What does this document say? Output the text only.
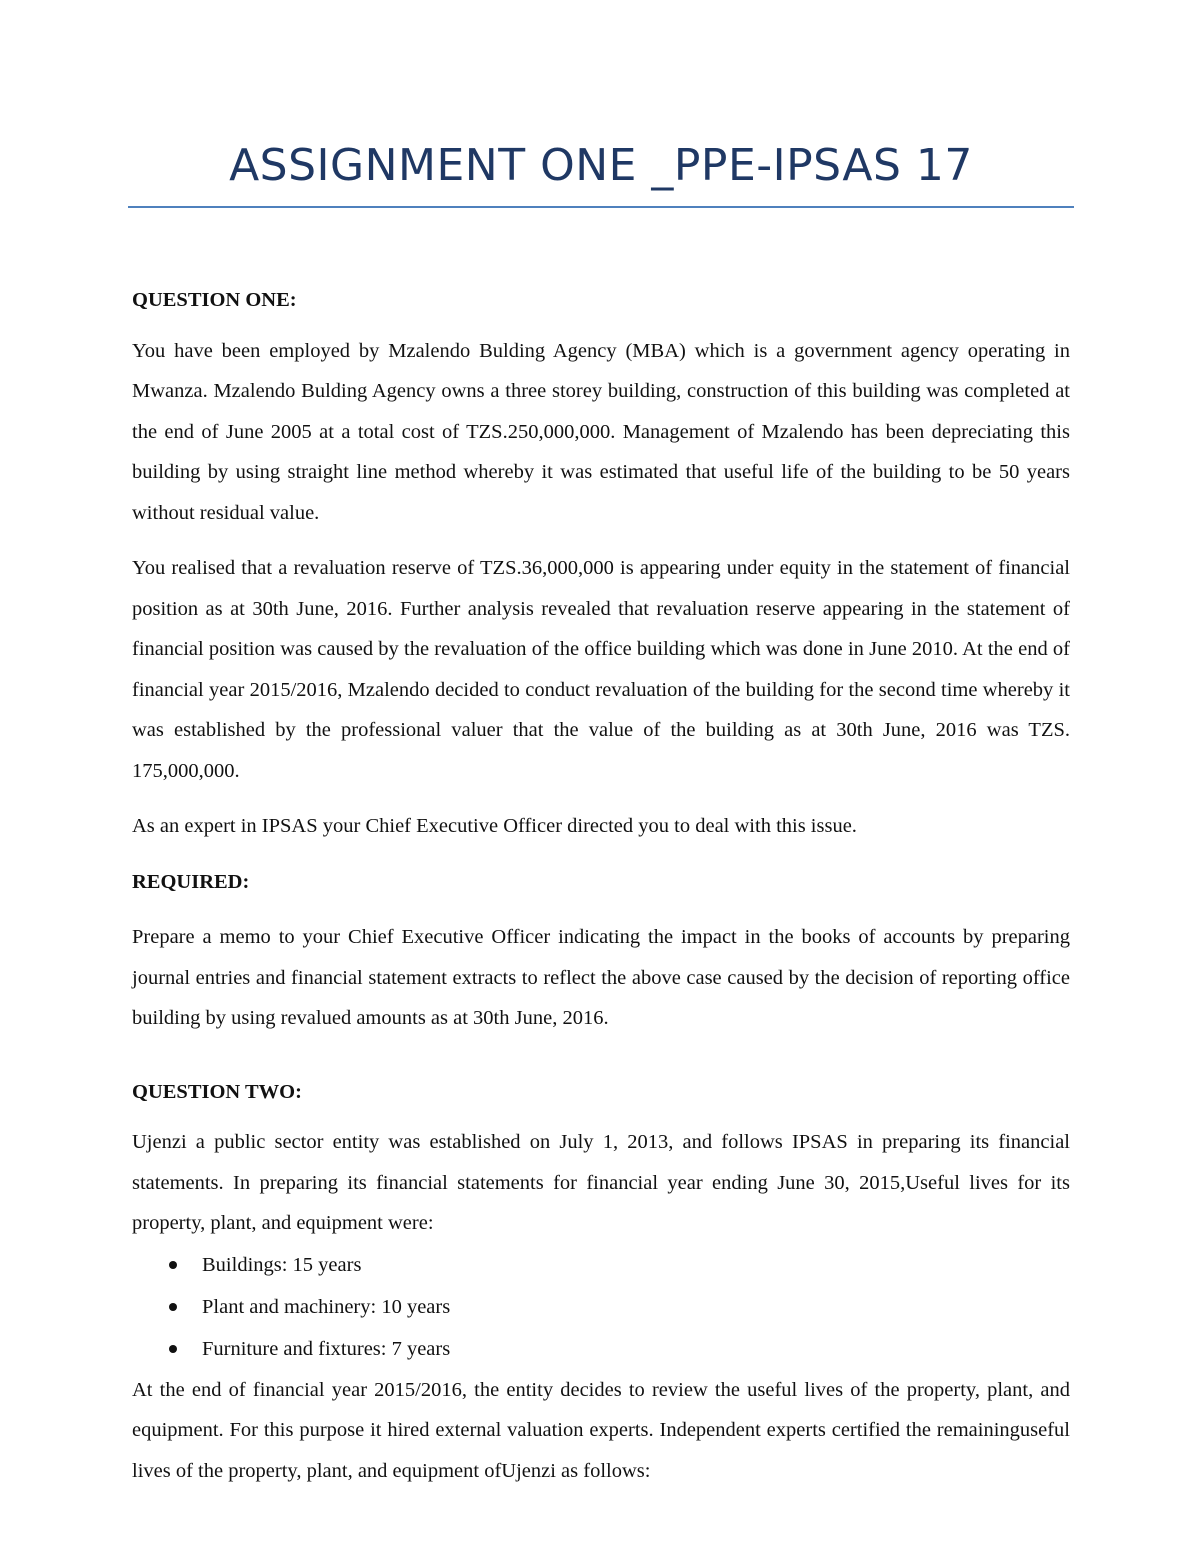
ASSIGNMENT ONE _PPE-IPSAS 17

QUESTION ONE:

You have been employed by Mzalendo Bulding Agency (MBA) which is a government agency operating in Mwanza. Mzalendo Bulding Agency owns a three storey building, construction of this building was completed at the end of June 2005 at a total cost of TZS.250,000,000. Management of Mzalendo has been depreciating this building by using straight line method whereby it was estimated that useful life of the building to be 50 years without residual value.

You realised that a revaluation reserve of TZS.36,000,000 is appearing under equity in the statement of financial position as at 30th June, 2016. Further analysis revealed that revaluation reserve appearing in the statement of financial position was caused by the revaluation of the office building which was done in June 2010. At the end of financial year 2015/2016, Mzalendo decided to conduct revaluation of the building for the second time whereby it was established by the professional valuer that the value of the building as at 30th June, 2016 was TZS. 175,000,000.

As an expert in IPSAS your Chief Executive Officer directed you to deal with this issue.

REQUIRED:

Prepare a memo to your Chief Executive Officer indicating the impact in the books of accounts by preparing journal entries and financial statement extracts to reflect the above case caused by the decision of reporting office building by using revalued amounts as at 30th June, 2016.

QUESTION TWO:

Ujenzi a public sector entity was established on July 1, 2013, and follows IPSAS in preparing its financial statements. In preparing its financial statements for financial year ending June 30, 2015,Useful lives for its property, plant, and equipment were:

Buildings: 15 years
Plant and machinery: 10 years
Furniture and fixtures: 7 years

At the end of financial year 2015/2016, the entity decides to review the useful lives of the property, plant, and equipment. For this purpose it hired external valuation experts. Independent experts certified the remaininguseful lives of the property, plant, and equipment ofUjenzi as follows:
